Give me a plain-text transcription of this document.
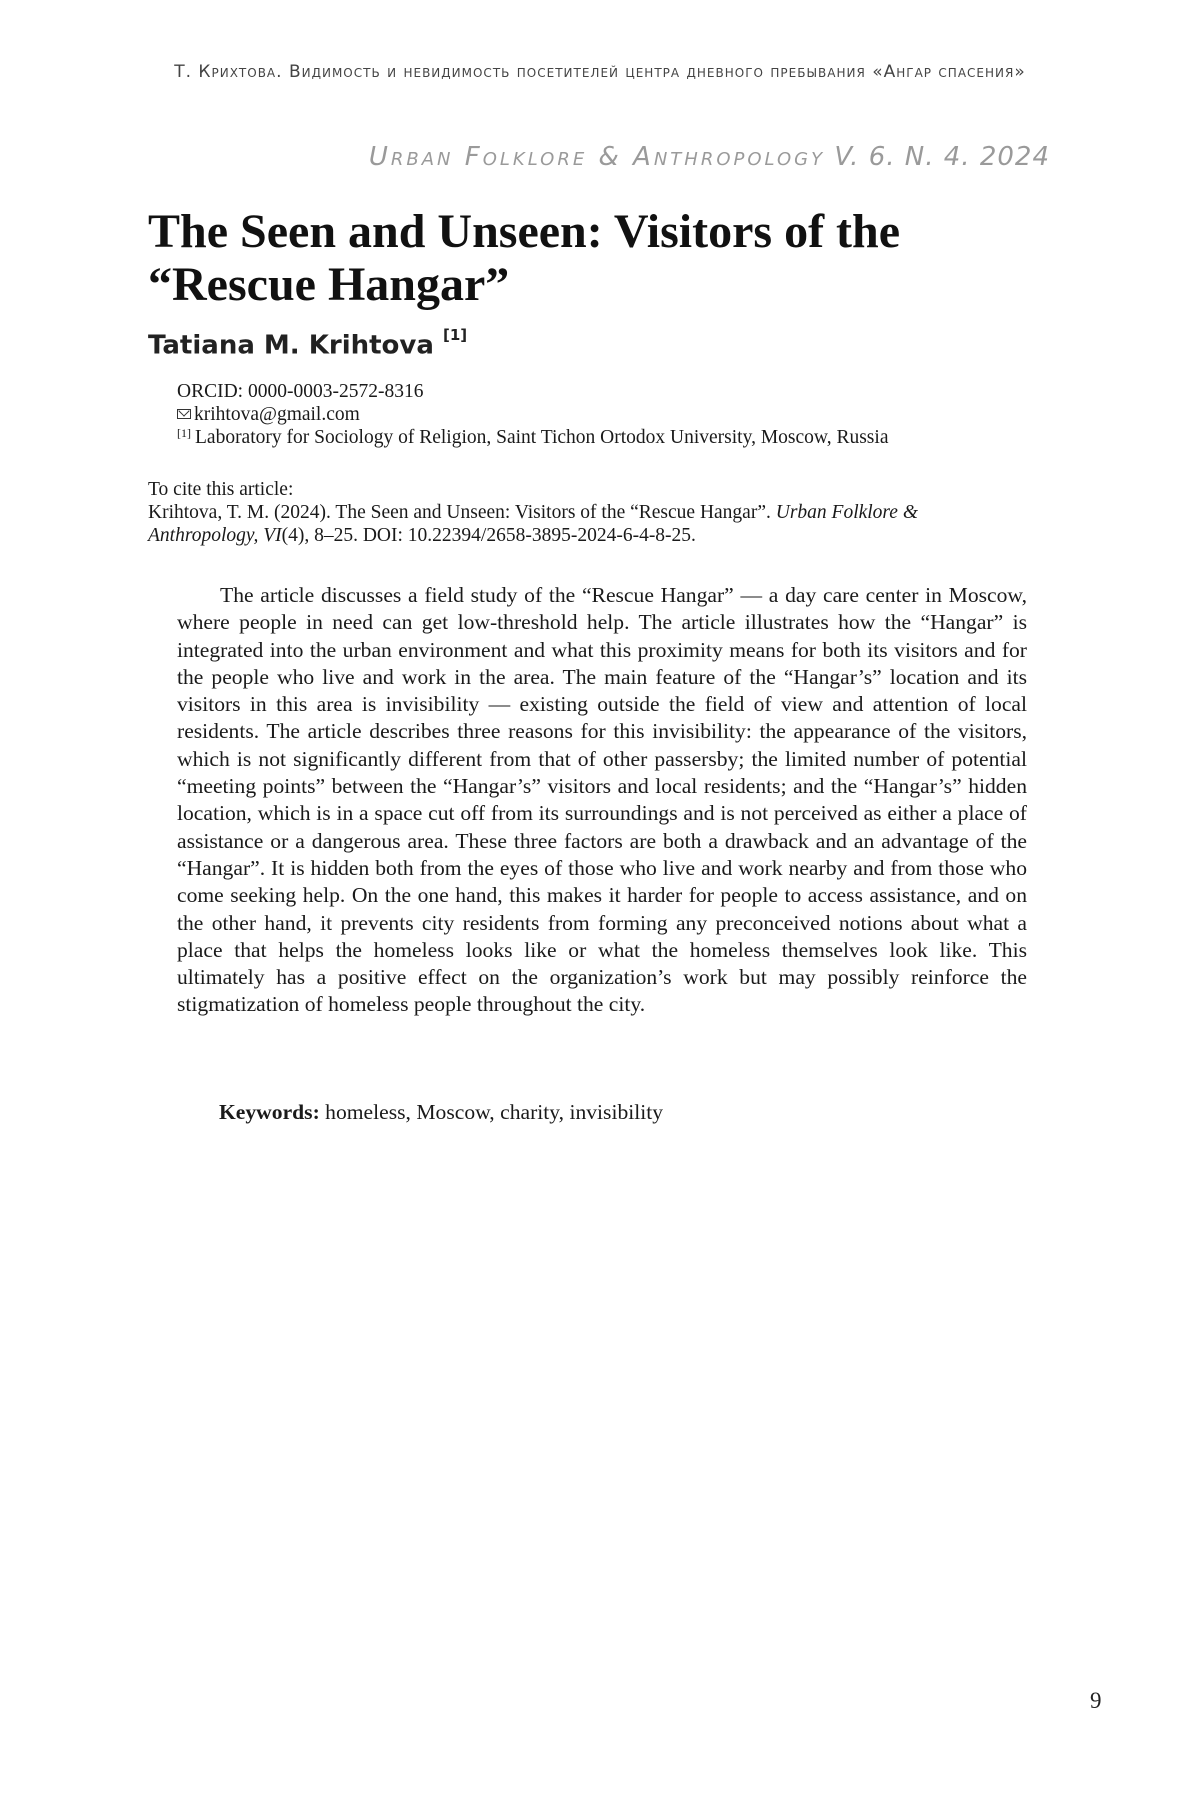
Т. Крихтова. Видимость и невидимость посетителей центра дневного пребывания «Ангар спасения»
Urban Folklore & Anthropology V. 6. N. 4. 2024
The Seen and Unseen: Visitors of the “Rescue Hangar”
Tatiana M. Krihtova [1]
ORCID: 0000-0003-2572-8316
krihtova@gmail.com
[1] Laboratory for Sociology of Religion, Saint Tichon Ortodox University, Moscow, Russia
To cite this article:
Krihtova, T. M. (2024). The Seen and Unseen: Visitors of the “Rescue Hangar”. Urban Folklore & Anthropology, VI(4), 8–25. DOI: 10.22394/2658-3895-2024-6-4-8-25.

The article discusses a field study of the “Rescue Hangar” — a day care center in Moscow, where people in need can get low-threshold help. The article illustrates how the “Hangar” is integrated into the urban environment and what this proximity means for both its visitors and for the people who live and work in the area. The main feature of the “Hangar’s” location and its visitors in this area is invisibility — existing outside the field of view and attention of local residents. The article describes three reasons for this invisibility: the appearance of the visitors, which is not significantly different from that of other passersby; the limited number of potential “meeting points” between the “Hangar’s” visitors and local residents; and the “Hangar’s” hidden location, which is in a space cut off from its surroundings and is not perceived as either a place of assistance or a dangerous area. These three factors are both a drawback and an advantage of the “Hangar”. It is hidden both from the eyes of those who live and work nearby and from those who come seeking help. On the one hand, this makes it harder for people to access assistance, and on the other hand, it prevents city residents from forming any preconceived notions about what a place that helps the homeless looks like or what the homeless themselves look like. This ultimately has a positive effect on the organization’s work but may possibly reinforce the stigmatization of homeless people throughout the city.

Keywords: homeless, Moscow, charity, invisibility
9
